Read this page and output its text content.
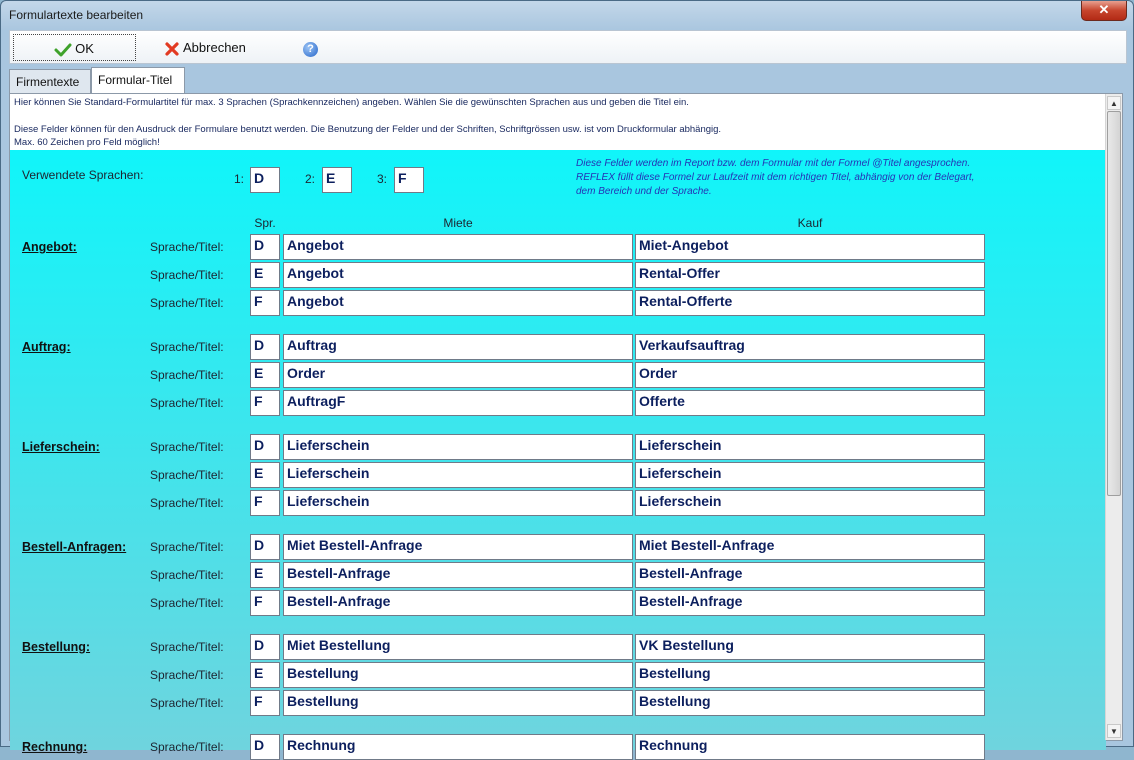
Formulartexte bearbeiten	✕
OK	Abbrechen	?
Firmentexte	Formular-Titel
Hier können Sie Standard-Formulartitel für max. 3 Sprachen (Sprachkennzeichen) angeben. Wählen Sie die gewünschten Sprachen aus und geben die Titel ein.

Diese Felder können für den Ausdruck der Formulare benutzt werden. Die Benutzung der Felder und der Schriften, Schriftgrössen usw. ist vom Druckformular abhängig.
Max. 60 Zeichen pro Feld möglich!
Verwendete Sprachen:	1: D	2: E	3: F
Diese Felder werden im Report bzw. dem Formular mit der Formel @Titel angesprochen. REFLEX füllt diese Formel zur Laufzeit mit dem richtigen Titel, abhängig von der Belegart, dem Bereich und der Sprache.
Spr.	Miete	Kauf
Angebot:	Sprache/Titel: D	Angebot	Miet-Angebot
Sprache/Titel: E	Angebot	Rental-Offer
Sprache/Titel: F	Angebot	Rental-Offerte
Auftrag:	Sprache/Titel: D	Auftrag	Verkaufsauftrag
Sprache/Titel: E	Order	Order
Sprache/Titel: F	AuftragF	Offerte
Lieferschein:	Sprache/Titel: D	Lieferschein	Lieferschein
Sprache/Titel: E	Lieferschein	Lieferschein
Sprache/Titel: F	Lieferschein	Lieferschein
Bestell-Anfragen: Sprache/Titel: D	Miet Bestell-Anfrage	Miet Bestell-Anfrage
Sprache/Titel: E	Bestell-Anfrage	Bestell-Anfrage
Sprache/Titel: F	Bestell-Anfrage	Bestell-Anfrage
Bestellung:	Sprache/Titel: D	Miet Bestellung	VK Bestellung
Sprache/Titel: E	Bestellung	Bestellung
Sprache/Titel: F	Bestellung	Bestellung
Rechnung:	Sprache/Titel: D	Rechnung	Rechnung
▲
▼
